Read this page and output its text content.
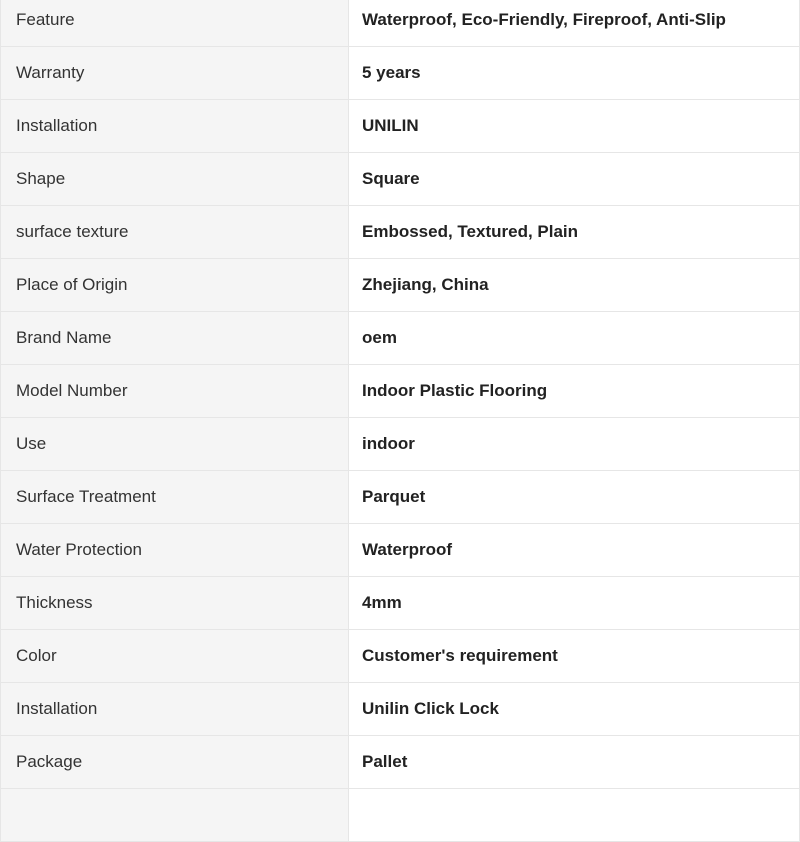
Feature	Waterproof, Eco-Friendly, Fireproof, Anti-Slip
Warranty	5 years
Installation	UNILIN
Shape	Square
surface texture	Embossed, Textured, Plain
Place of Origin	Zhejiang, China
Brand Name	oem
Model Number	Indoor Plastic Flooring
Use	indoor
Surface Treatment	Parquet
Water Protection	Waterproof
Thickness	4mm
Color	Customer's requirement
Installation	Unilin Click Lock
Package	Pallet
